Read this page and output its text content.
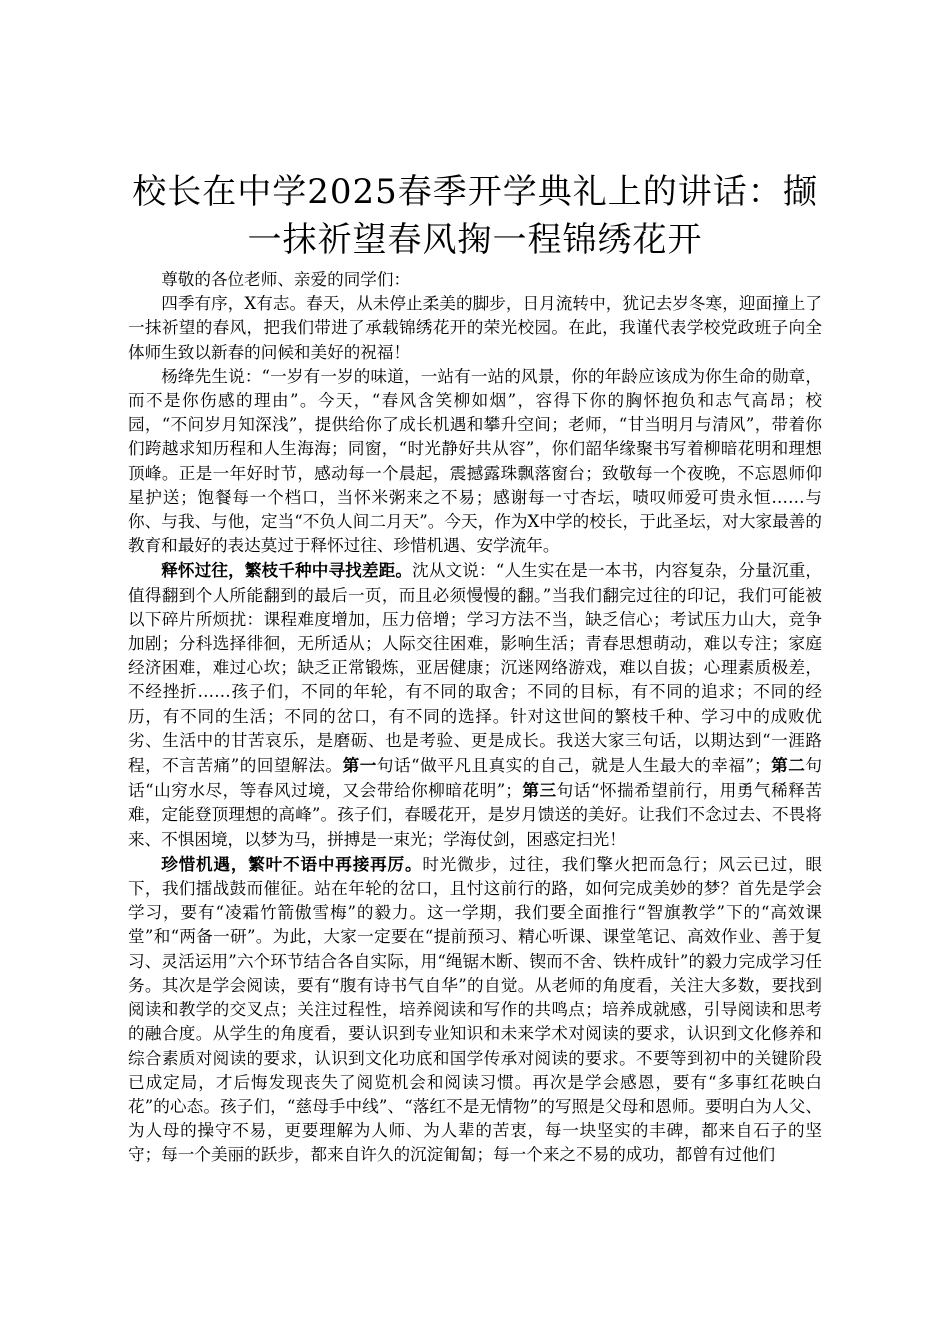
校长在中学2025春季开学典礼上的讲话：撷
一抹祈望春风掬一程锦绣花开

尊敬的各位老师、亲爱的同学们：

四季有序，X有志。春天，从未停止柔美的脚步，日月流转中，犹记去岁冬寒，迎面撞上了一抹祈望的春风，把我们带进了承载锦绣花开的荣光校园。在此，我谨代表学校党政班子向全体师生致以新春的问候和美好的祝福！

杨绛先生说：“一岁有一岁的味道，一站有一站的风景，你的年龄应该成为你生命的勋章，而不是你伤感的理由”。今天，“春风含笑柳如烟”，容得下你的胸怀抱负和志气高昂；校园，“不问岁月知深浅”，提供给你了成长机遇和攀升空间；老师，“甘当明月与清风”，带着你们跨越求知历程和人生海海；同窗，“时光静好共从容”，你们韶华缘聚书写着柳暗花明和理想顶峰。正是一年好时节，感动每一个晨起，震撼露珠飘落窗台；致敬每一个夜晚，不忘恩师仰星护送；饱餐每一个档口，当怀米粥来之不易；感谢每一寸杏坛，啧叹师爱可贵永恒……与你、与我、与他，定当“不负人间二月天”。今天，作为X中学的校长，于此圣坛，对大家最善的教育和最好的表达莫过于释怀过往、珍惜机遇、安学流年。

释怀过往，繁枝千种中寻找差距。沈从文说：“人生实在是一本书，内容复杂，分量沉重，值得翻到个人所能翻到的最后一页，而且必须慢慢的翻。”当我们翻完过往的印记，我们可能被以下碎片所烦扰：课程难度增加，压力倍增；学习方法不当，缺乏信心；考试压力山大，竞争加剧；分科选择徘徊，无所适从；人际交往困难，影响生活；青春思想萌动，难以专注；家庭经济困难，难过心坎；缺乏正常锻炼，亚居健康；沉迷网络游戏，难以自拔；心理素质极差，不经挫折……孩子们，不同的年轮，有不同的取舍；不同的目标，有不同的追求；不同的经历，有不同的生活；不同的岔口，有不同的选择。针对这世间的繁枝千种、学习中的成败优劣、生活中的甘苦哀乐，是磨砺、也是考验、更是成长。我送大家三句话，以期达到“一涯路程，不言苦痛”的回望解法。第一句话“做平凡且真实的自己，就是人生最大的幸福”；第二句话“山穷水尽，等春风过境，又会带给你柳暗花明”；第三句话“怀揣希望前行，用勇气稀释苦难，定能登顶理想的高峰”。孩子们，春暖花开，是岁月馈送的美好。让我们不念过去、不畏将来、不惧困境，以梦为马，拼搏是一束光；学海仗剑，困惑定扫光！

珍惜机遇，繁叶不语中再接再厉。时光微步，过往，我们擎火把而急行；风云已过，眼下，我们擂战鼓而催征。站在年轮的岔口，且忖这前行的路，如何完成美妙的梦？首先是学会学习，要有“凌霜竹箭傲雪梅”的毅力。这一学期，我们要全面推行“智旗教学”下的“高效课堂”和“两备一研”。为此，大家一定要在“提前预习、精心听课、课堂笔记、高效作业、善于复习、灵活运用”六个环节结合各自实际，用“绳锯木断、锲而不舍、铁杵成针”的毅力完成学习任务。其次是学会阅读，要有“腹有诗书气自华”的自觉。从老师的角度看，关注大多数，要找到阅读和教学的交叉点；关注过程性，培养阅读和写作的共鸣点；培养成就感，引导阅读和思考的融合度。从学生的角度看，要认识到专业知识和未来学术对阅读的要求，认识到文化修养和综合素质对阅读的要求，认识到文化功底和国学传承对阅读的要求。不要等到初中的关键阶段已成定局，才后悔发现丧失了阅览机会和阅读习惯。再次是学会感恩，要有“多事红花映白花”的心态。孩子们，“慈母手中线”、“落红不是无情物”的写照是父母和恩师。要明白为人父、为人母的操守不易，更要理解为人师、为人辈的苦衷，每一块坚实的丰碑，都来自石子的坚守；每一个美丽的跃步，都来自许久的沉淀匍匐；每一个来之不易的成功，都曾有过他们
